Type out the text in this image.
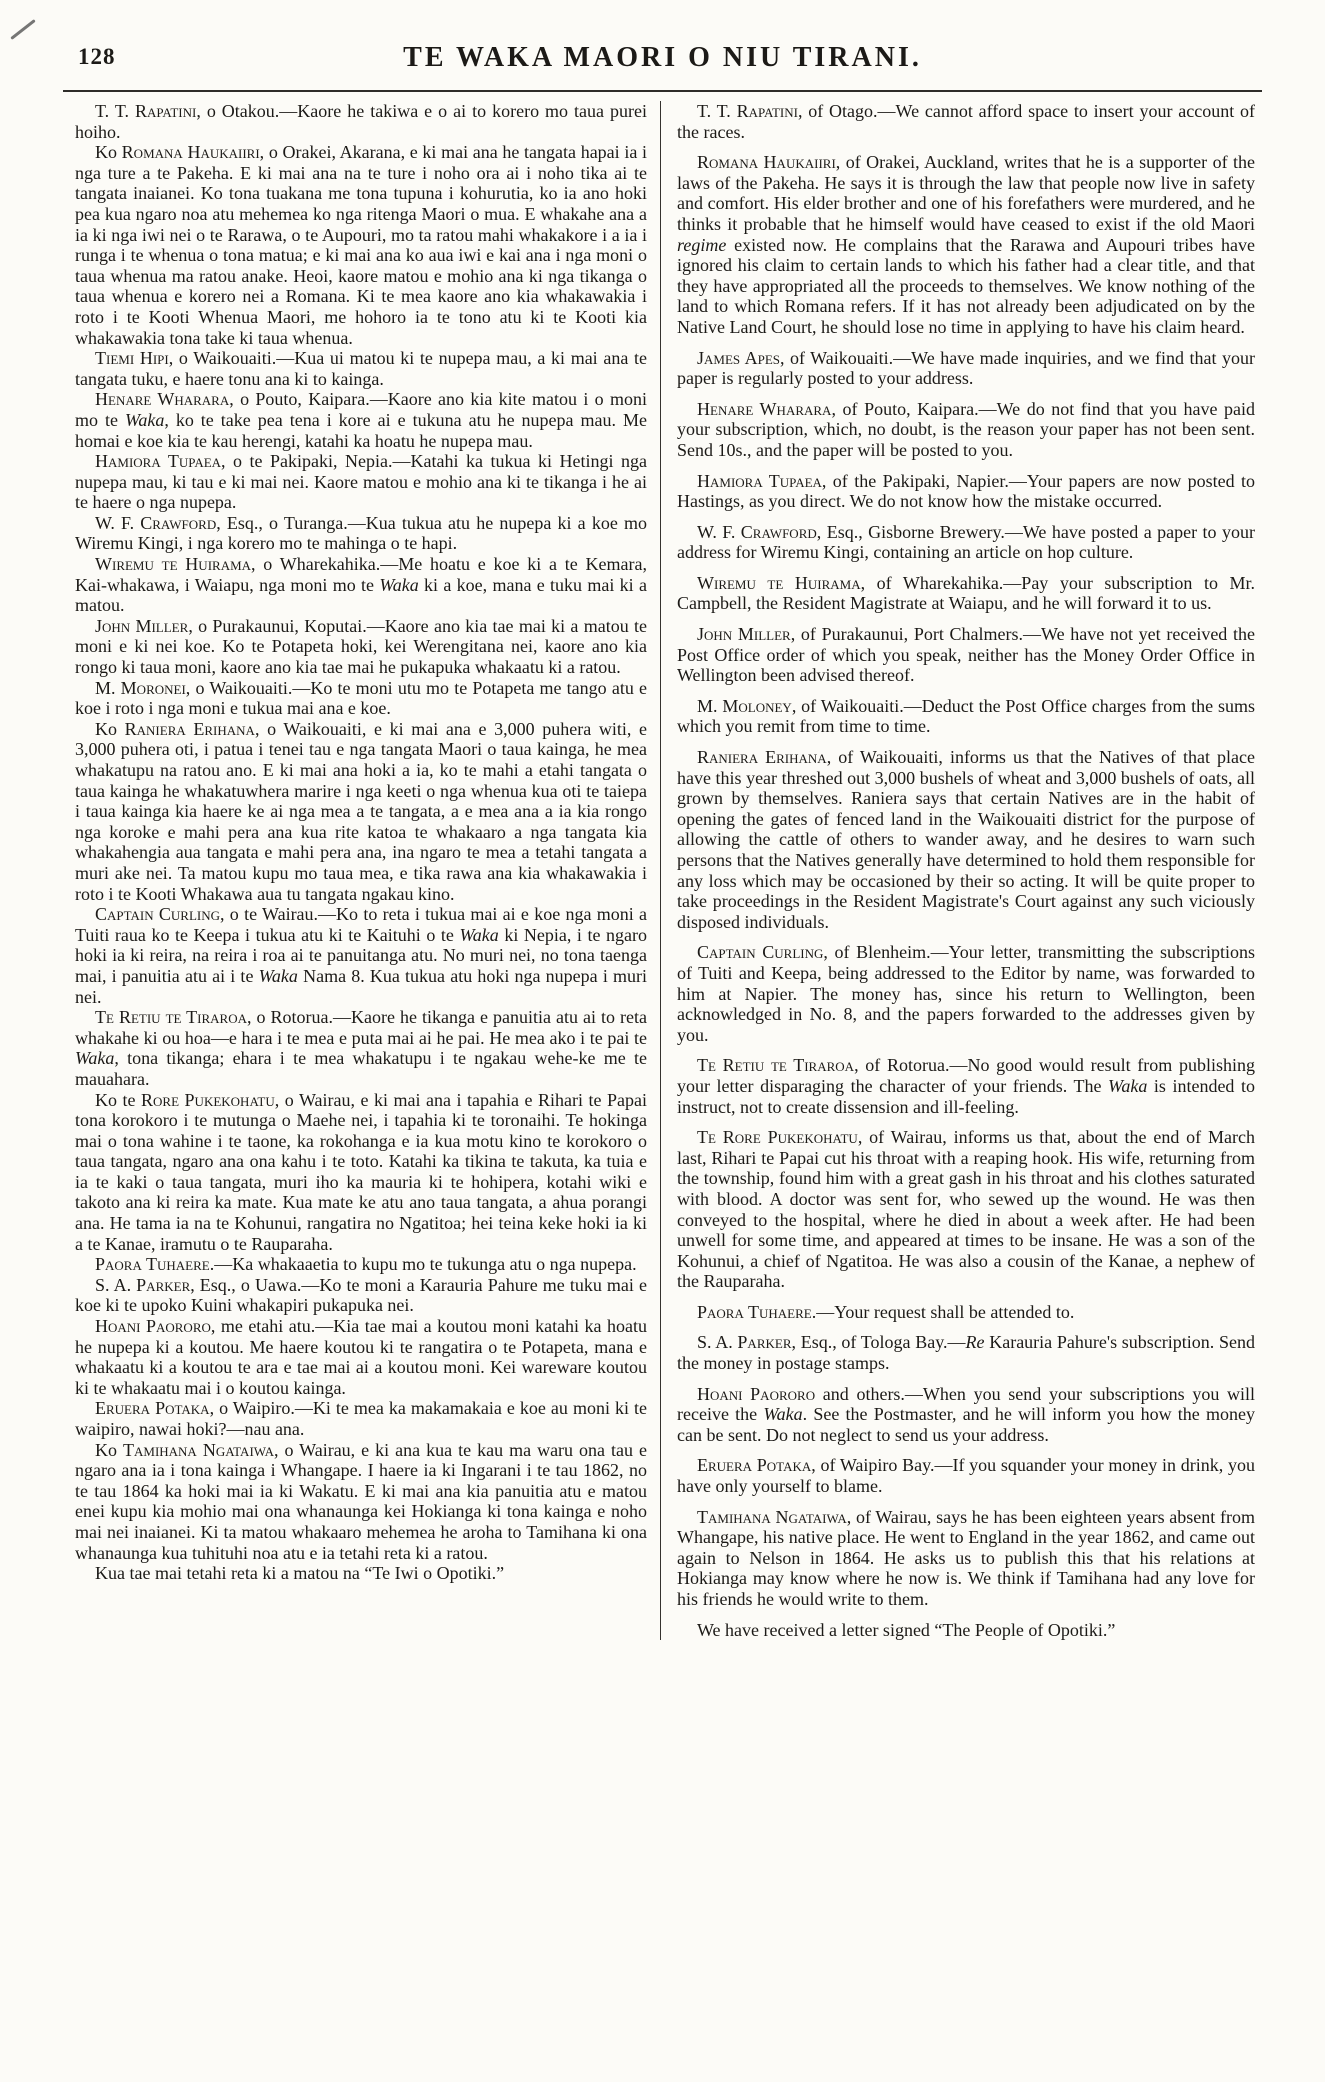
128	TE WAKA MAORI O NIU TIRANI.

T. T. Rapatini, o Otakou.—Kaore he takiwa e o ai to korero mo taua purei hoiho.

Ko Romana Haukaiiri, o Orakei, Akarana, e ki mai ana he tangata hapai ia i nga ture a te Pakeha. E ki mai ana na te ture i noho ora ai i noho tika ai te tangata inaianei. Ko tona tuakana me tona tupuna i kohurutia, ko ia ano hoki pea kua ngaro noa atu mehemea ko nga ritenga Maori o mua. E whakahe ana a ia ki nga iwi nei o te Rarawa, o te Aupouri, mo ta ratou mahi whakakore i a ia i runga i te whenua o tona matua; e ki mai ana ko aua iwi e kai ana i nga moni o taua whenua ma ratou anake. Heoi, kaore matou e mohio ana ki nga tikanga o taua whenua e korero nei a Romana. Ki te mea kaore ano kia whakawakia i roto i te Kooti Whenua Maori, me hohoro ia te tono atu ki te Kooti kia whakawakia tona take ki taua whenua.

Tiemi Hipi, o Waikouaiti.—Kua ui matou ki te nupepa mau, a ki mai ana te tangata tuku, e haere tonu ana ki to kainga.

Henare Wharara, o Pouto, Kaipara.—Kaore ano kia kite matou i o moni mo te Waka, ko te take pea tena i kore ai e tukuna atu he nupepa mau. Me homai e koe kia te kau herengi, katahi ka hoatu he nupepa mau.

Hamiora Tupaea, o te Pakipaki, Nepia.—Katahi ka tukua ki Hetingi nga nupepa mau, ki tau e ki mai nei. Kaore matou e mohio ana ki te tikanga i he ai te haere o nga nupepa.

W. F. Crawford, Esq., o Turanga.—Kua tukua atu he nupepa ki a koe mo Wiremu Kingi, i nga korero mo te mahinga o te hapi.

Wiremu te Huirama, o Wharekahika.—Me hoatu e koe ki a te Kemara, Kai-whakawa, i Waiapu, nga moni mo te Waka ki a koe, mana e tuku mai ki a matou.

John Miller, o Purakaunui, Koputai.—Kaore ano kia tae mai ki a matou te moni e ki nei koe. Ko te Potapeta hoki, kei Werengitana nei, kaore ano kia rongo ki taua moni, kaore ano kia tae mai he pukapuka whakaatu ki a ratou.

M. Moronei, o Waikouaiti.—Ko te moni utu mo te Potapeta me tango atu e koe i roto i nga moni e tukua mai ana e koe.

Ko Raniera Erihana, o Waikouaiti, e ki mai ana e 3,000 puhera witi, e 3,000 puhera oti, i patua i tenei tau e nga tangata Maori o taua kainga, he mea whakatupu na ratou ano. E ki mai ana hoki a ia, ko te mahi a etahi tangata o taua kainga he whakatuwhera marire i nga keeti o nga whenua kua oti te taiepa i taua kainga kia haere ke ai nga mea a te tangata, a e mea ana a ia kia rongo nga koroke e mahi pera ana kua rite katoa te whakaaro a nga tangata kia whakahengia aua tangata e mahi pera ana, ina ngaro te mea a tetahi tangata a muri ake nei. Ta matou kupu mo taua mea, e tika rawa ana kia whakawakia i roto i te Kooti Whakawa aua tu tangata ngakau kino.

Captain Curling, o te Wairau.—Ko to reta i tukua mai ai e koe nga moni a Tuiti raua ko te Keepa i tukua atu ki te Kaituhi o te Waka ki Nepia, i te ngaro hoki ia ki reira, na reira i roa ai te panuitanga atu. No muri nei, no tona taenga mai, i panuitia atu ai i te Waka Nama 8. Kua tukua atu hoki nga nupepa i muri nei.

Te Retiu te Tiraroa, o Rotorua.—Kaore he tikanga e panuitia atu ai to reta whakahe ki ou hoa—e hara i te mea e puta mai ai he pai. He mea ako i te pai te Waka, tona tikanga; ehara i te mea whakatupu i te ngakau wehe-ke me te mauahara.

Ko te Rore Pukekohatu, o Wairau, e ki mai ana i tapahia e Rihari te Papai tona korokoro i te mutunga o Maehe nei, i tapahia ki te toronaihi. Te hokinga mai o tona wahine i te taone, ka rokohanga e ia kua motu kino te korokoro o taua tangata, ngaro ana ona kahu i te toto. Katahi ka tikina te takuta, ka tuia e ia te kaki o taua tangata, muri iho ka mauria ki te hohipera, kotahi wiki e takoto ana ki reira ka mate. Kua mate ke atu ano taua tangata, a ahua porangi ana. He tama ia na te Kohunui, rangatira no Ngatitoa; hei teina keke hoki ia ki a te Kanae, iramutu o te Rauparaha.

Paora Tuhaere.—Ka whakaaetia to kupu mo te tukunga atu o nga nupepa.

S. A. Parker, Esq., o Uawa.—Ko te moni a Karauria Pahure me tuku mai e koe ki te upoko Kuini whakapiri pukapuka nei.

Hoani Paororo, me etahi atu.—Kia tae mai a koutou moni katahi ka hoatu he nupepa ki a koutou. Me haere koutou ki te rangatira o te Potapeta, mana e whakaatu ki a koutou te ara e tae mai ai a koutou moni. Kei wareware koutou ki te whakaatu mai i o koutou kainga.

Eruera Potaka, o Waipiro.—Ki te mea ka makamakaia e koe au moni ki te waipiro, nawai hoki?—nau ana.

Ko Tamihana Ngataiwa, o Wairau, e ki ana kua te kau ma waru ona tau e ngaro ana ia i tona kainga i Whangape. I haere ia ki Ingarani i te tau 1862, no te tau 1864 ka hoki mai ia ki Wakatu. E ki mai ana kia panuitia atu e matou enei kupu kia mohio mai ona whanaunga kei Hokianga ki tona kainga e noho mai nei inaianei. Ki ta matou whakaaro mehemea he aroha to Tamihana ki ona whanaunga kua tuhituhi noa atu e ia tetahi reta ki a ratou.

Kua tae mai tetahi reta ki a matou na “Te Iwi o Opotiki.”

T. T. Rapatini, of Otago.—We cannot afford space to insert your account of the races.

Romana Haukaiiri, of Orakei, Auckland, writes that he is a supporter of the laws of the Pakeha. He says it is through the law that people now live in safety and comfort. His elder brother and one of his forefathers were murdered, and he thinks it probable that he himself would have ceased to exist if the old Maori regime existed now. He complains that the Rarawa and Aupouri tribes have ignored his claim to certain lands to which his father had a clear title, and that they have appropriated all the proceeds to themselves. We know nothing of the land to which Romana refers. If it has not already been adjudicated on by the Native Land Court, he should lose no time in applying to have his claim heard.

James Apes, of Waikouaiti.—We have made inquiries, and we find that your paper is regularly posted to your address.

Henare Wharara, of Pouto, Kaipara.—We do not find that you have paid your subscription, which, no doubt, is the reason your paper has not been sent. Send 10s., and the paper will be posted to you.

Hamiora Tupaea, of the Pakipaki, Napier.—Your papers are now posted to Hastings, as you direct. We do not know how the mistake occurred.

W. F. Crawford, Esq., Gisborne Brewery.—We have posted a paper to your address for Wiremu Kingi, containing an article on hop culture.

Wiremu te Huirama, of Wharekahika.—Pay your subscription to Mr. Campbell, the Resident Magistrate at Waiapu, and he will forward it to us.

John Miller, of Purakaunui, Port Chalmers.—We have not yet received the Post Office order of which you speak, neither has the Money Order Office in Wellington been advised thereof.

M. Moloney, of Waikouaiti.—Deduct the Post Office charges from the sums which you remit from time to time.

Raniera Erihana, of Waikouaiti, informs us that the Natives of that place have this year threshed out 3,000 bushels of wheat and 3,000 bushels of oats, all grown by themselves. Raniera says that certain Natives are in the habit of opening the gates of fenced land in the Waikouaiti district for the purpose of allowing the cattle of others to wander away, and he desires to warn such persons that the Natives generally have determined to hold them responsible for any loss which may be occasioned by their so acting. It will be quite proper to take proceedings in the Resident Magistrate's Court against any such viciously disposed individuals.

Captain Curling, of Blenheim.—Your letter, transmitting the subscriptions of Tuiti and Keepa, being addressed to the Editor by name, was forwarded to him at Napier. The money has, since his return to Wellington, been acknowledged in No. 8, and the papers forwarded to the addresses given by you.

Te Retiu te Tiraroa, of Rotorua.—No good would result from publishing your letter disparaging the character of your friends. The Waka is intended to instruct, not to create dissension and ill-feeling.

Te Rore Pukekohatu, of Wairau, informs us that, about the end of March last, Rihari te Papai cut his throat with a reaping hook. His wife, returning from the township, found him with a great gash in his throat and his clothes saturated with blood. A doctor was sent for, who sewed up the wound. He was then conveyed to the hospital, where he died in about a week after. He had been unwell for some time, and appeared at times to be insane. He was a son of the Kohunui, a chief of Ngatitoa. He was also a cousin of the Kanae, a nephew of the Rauparaha.

Paora Tuhaere.—Your request shall be attended to.

S. A. Parker, Esq., of Tologa Bay.—Re Karauria Pahure's subscription. Send the money in postage stamps.

Hoani Paororo and others.—When you send your subscriptions you will receive the Waka. See the Postmaster, and he will inform you how the money can be sent. Do not neglect to send us your address.

Eruera Potaka, of Waipiro Bay.—If you squander your money in drink, you have only yourself to blame.

Tamihana Ngataiwa, of Wairau, says he has been eighteen years absent from Whangape, his native place. He went to England in the year 1862, and came out again to Nelson in 1864. He asks us to publish this that his relations at Hokianga may know where he now is. We think if Tamihana had any love for his friends he would write to them.

We have received a letter signed “The People of Opotiki.”
